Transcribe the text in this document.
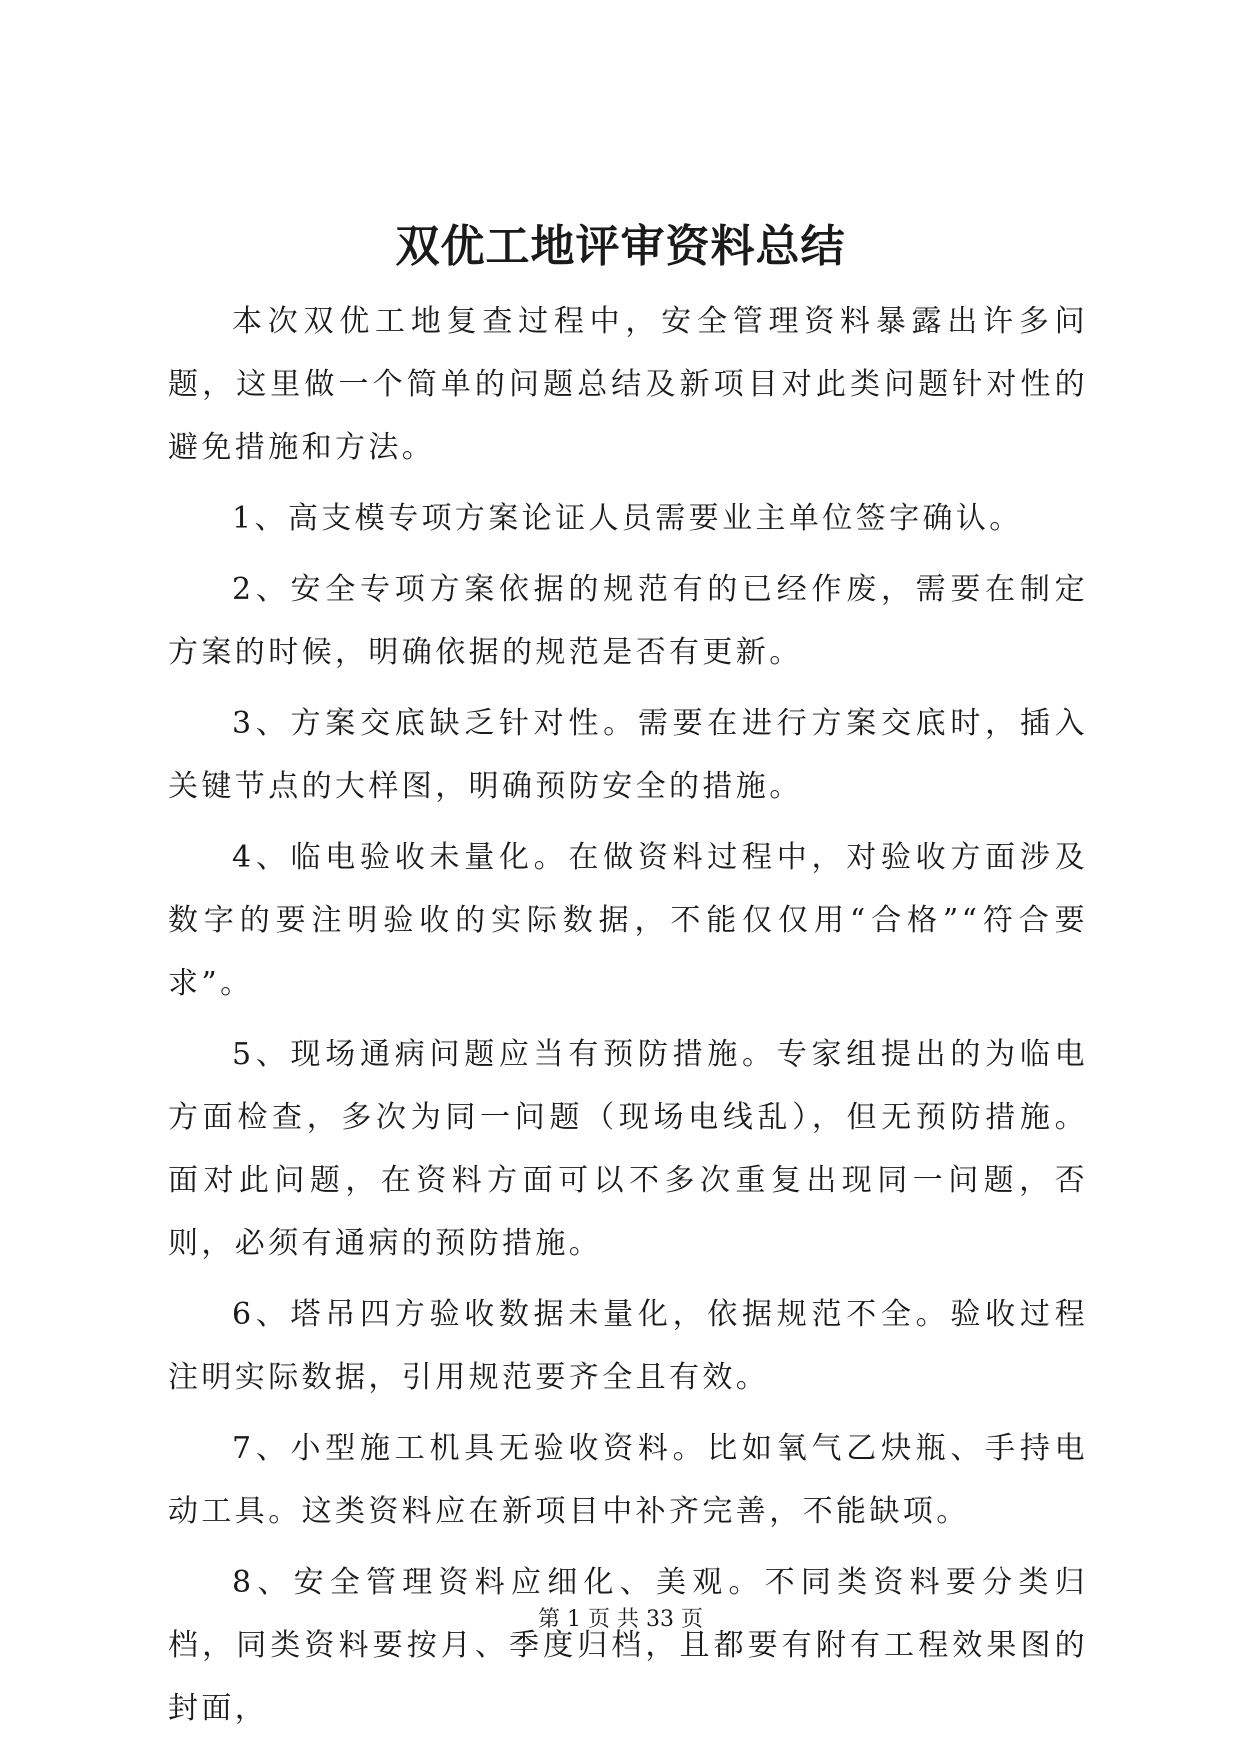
双优工地评审资料总结

本次双优工地复查过程中，安全管理资料暴露出许多问题，这里做一个简单的问题总结及新项目对此类问题针对性的避免措施和方法。

1、高支模专项方案论证人员需要业主单位签字确认。

2、安全专项方案依据的规范有的已经作废，需要在制定方案的时候，明确依据的规范是否有更新。

3、方案交底缺乏针对性。需要在进行方案交底时，插入关键节点的大样图，明确预防安全的措施。

4、临电验收未量化。在做资料过程中，对验收方面涉及数字的要注明验收的实际数据，不能仅仅用“合格”“符合要求”。

5、现场通病问题应当有预防措施。专家组提出的为临电方面检查，多次为同一问题（现场电线乱），但无预防措施。面对此问题，在资料方面可以不多次重复出现同一问题，否则，必须有通病的预防措施。

6、塔吊四方验收数据未量化，依据规范不全。验收过程注明实际数据，引用规范要齐全且有效。

7、小型施工机具无验收资料。比如氧气乙炔瓶、手持电动工具。这类资料应在新项目中补齐完善，不能缺项。

8、安全管理资料应细化、美观。不同类资料要分类归档，同类资料要按月、季度归档，且都要有附有工程效果图的封面，

第 1 页 共 33 页
